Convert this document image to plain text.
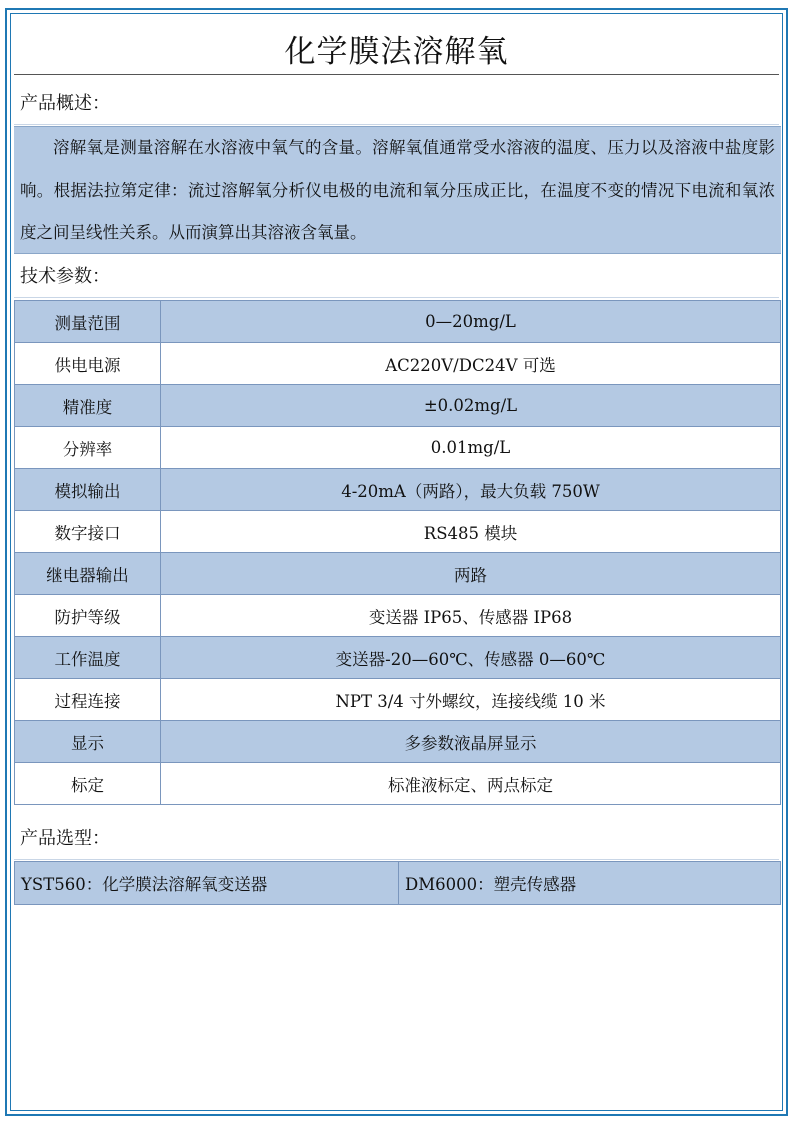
化学膜法溶解氧
产品概述：
溶解氧是测量溶解在水溶液中氧气的含量。溶解氧值通常受水溶液的温度、压力以及溶液中盐度影响。根据法拉第定律：流过溶解氧分析仪电极的电流和氧分压成正比，在温度不变的情况下电流和氧浓度之间呈线性关系。从而演算出其溶液含氧量。
技术参数：
测量范围	0—20mg/L
供电电源	AC220V/DC24V 可选
精准度	±0.02mg/L
分辨率	0.01mg/L
模拟输出	4-20mA（两路），最大负载 750W
数字接口	RS485 模块
继电器输出	两路
防护等级	变送器 IP65、传感器 IP68
工作温度	变送器-20—60℃、传感器 0—60℃
过程连接	NPT 3/4 寸外螺纹，连接线缆 10 米
显示	多参数液晶屏显示
标定	标准液标定、两点标定
产品选型：
YST560：化学膜法溶解氧变送器	DM6000：塑壳传感器
